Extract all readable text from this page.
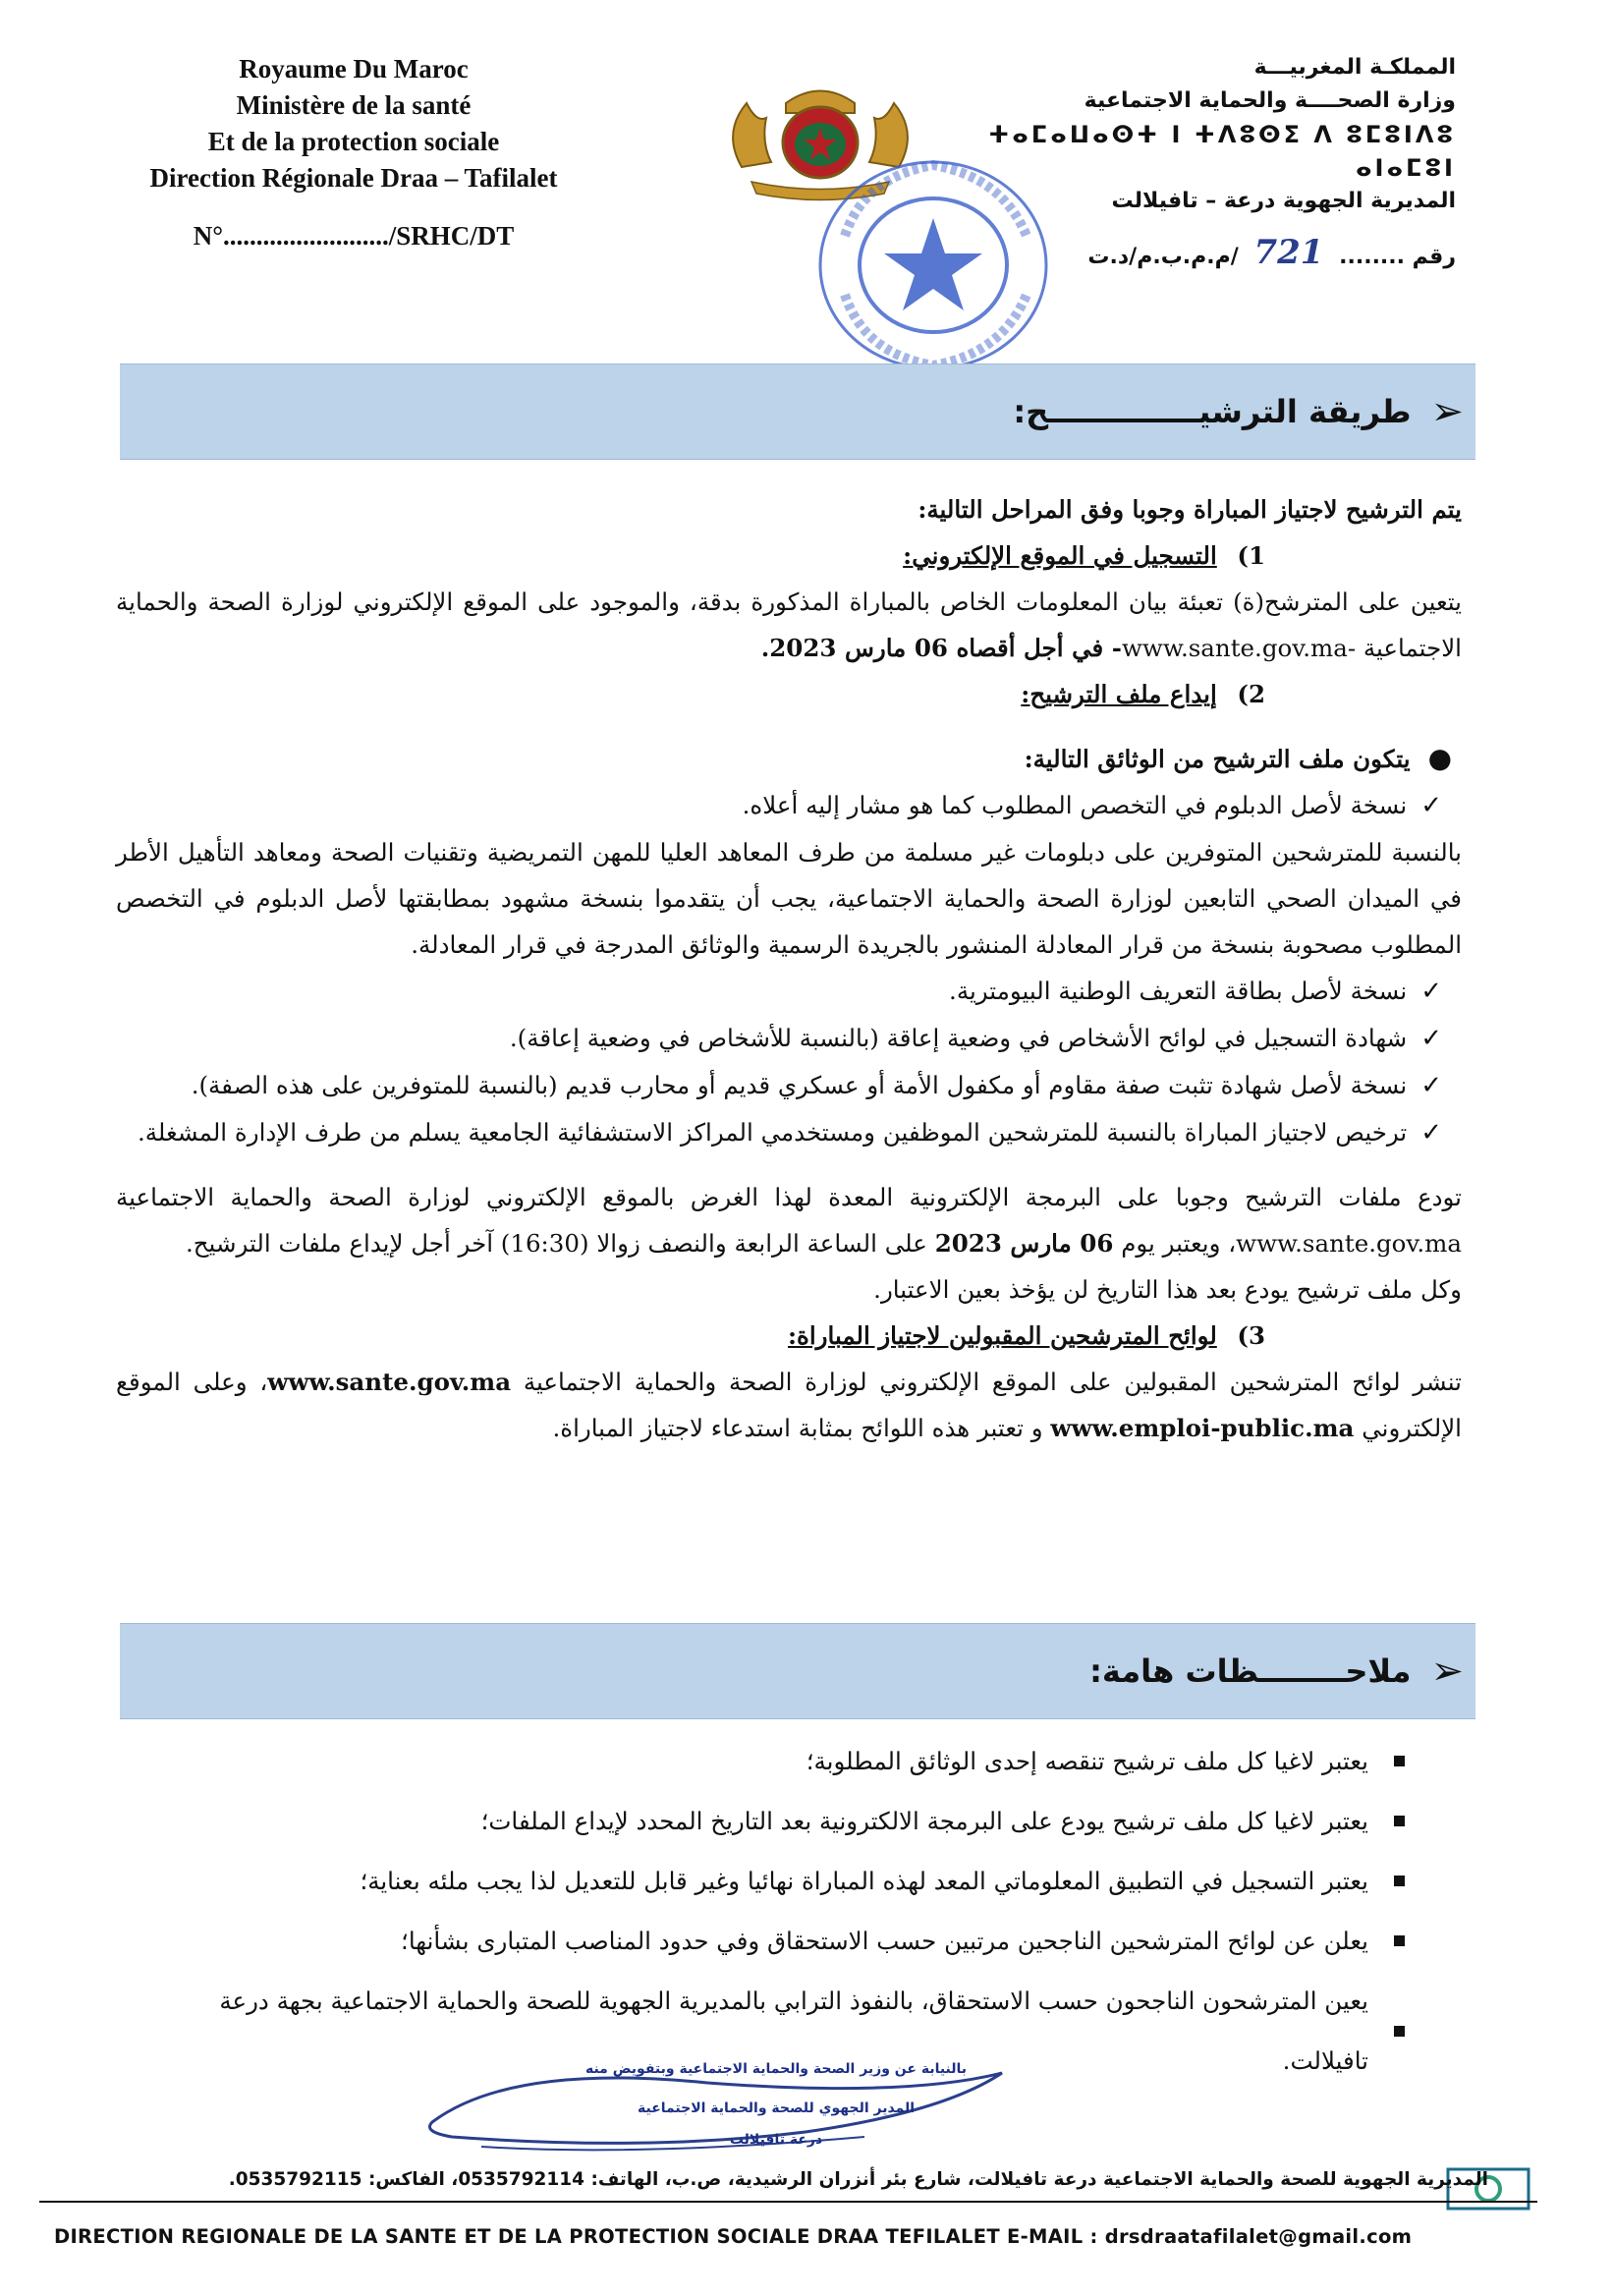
Royaume Du Maroc
Ministère de la santé
Et de la protection sociale
Direction Régionale Draa – Tafilalet
N°........................./SRHC/DT
المملكـة المغربيـــة
وزارة الصحــــة والحماية الاجتماعية
ⵜⴰⵎⴰⵡⴰⵙⵜ ⵏ ⵜⴷⵓⵙⵉ ⴷ ⵓⵎⵓⵏⴷⵓ ⴰⵏⴰⵎⵓⵏ
المديرية الجهوية درعة – تافيلالت
رقم ........ 721 /م.م.ب.م/د.ت
➢
طريقة الترشيــــــــــــــح:

يتم الترشيح لاجتياز المباراة وجوبا وفق المراحل التالية:

1) التسجيل في الموقع الإلكتروني:

يتعين على المترشح(ة) تعبئة بيان المعلومات الخاص بالمباراة المذكورة بدقة، والموجود على الموقع الإلكتروني لوزارة الصحة والحماية الاجتماعية -www.sante.gov.ma- في أجل أقصاه 06 مارس 2023.

2) إيداع ملف الترشيح:

●يتكون ملف الترشيح من الوثائق التالية:

✓نسخة لأصل الدبلوم في التخصص المطلوب كما هو مشار إليه أعلاه.

بالنسبة للمترشحين المتوفرين على دبلومات غير مسلمة من طرف المعاهد العليا للمهن التمريضية وتقنيات الصحة ومعاهد التأهيل الأطر في الميدان الصحي التابعين لوزارة الصحة والحماية الاجتماعية، يجب أن يتقدموا بنسخة مشهود بمطابقتها لأصل الدبلوم في التخصص المطلوب مصحوبة بنسخة من قرار المعادلة المنشور بالجريدة الرسمية والوثائق المدرجة في قرار المعادلة.

✓نسخة لأصل بطاقة التعريف الوطنية البيومترية.

✓شهادة التسجيل في لوائح الأشخاص في وضعية إعاقة (بالنسبة للأشخاص في وضعية إعاقة).

✓نسخة لأصل شهادة تثبت صفة مقاوم أو مكفول الأمة أو عسكري قديم أو محارب قديم (بالنسبة للمتوفرين على هذه الصفة).

✓ترخيص لاجتياز المباراة بالنسبة للمترشحين الموظفين ومستخدمي المراكز الاستشفائية الجامعية يسلم من طرف الإدارة المشغلة.

تودع ملفات الترشيح وجوبا على البرمجة الإلكترونية المعدة لهذا الغرض بالموقع الإلكتروني لوزارة الصحة والحماية الاجتماعية www.sante.gov.ma، ويعتبر يوم 06 مارس 2023 على الساعة الرابعة والنصف زوالا (16:30) آخر أجل لإيداع ملفات الترشيح.

وكل ملف ترشيح يودع بعد هذا التاريخ لن يؤخذ بعين الاعتبار.

3) لوائح المترشحين المقبولين لاجتياز المباراة:

تنشر لوائح المترشحين المقبولين على الموقع الإلكتروني لوزارة الصحة والحماية الاجتماعية www.sante.gov.ma، وعلى الموقع الإلكتروني www.emploi-public.ma و تعتبر هذه اللوائح بمثابة استدعاء لاجتياز المباراة.

➢
ملاحــــــــظات هامة:
يعتبر لاغيا كل ملف ترشيح تنقصه إحدى الوثائق المطلوبة؛
يعتبر لاغيا كل ملف ترشيح يودع على البرمجة الالكترونية بعد التاريخ المحدد لإيداع الملفات؛
يعتبر التسجيل في التطبيق المعلوماتي المعد لهذه المباراة نهائيا وغير قابل للتعديل لذا يجب ملئه بعناية؛
يعلن عن لوائح المترشحين الناجحين مرتبين حسب الاستحقاق وفي حدود المناصب المتبارى بشأنها؛
يعين المترشحون الناجحون حسب الاستحقاق، بالنفوذ الترابي بالمديرية الجهوية للصحة والحماية الاجتماعية بجهة درعة تافيلالت.
بالنيابة عن وزير الصحة والحماية الاجتماعية وبتفويض منه
المدير الجهوي للصحة والحماية الاجتماعية
درعة تافيلالت
المديرية الجهوية للصحة والحماية الاجتماعية درعة تافيلالت، شارع بئر أنزران الرشيدية، ص.ب، الهاتف: 0535792114، الفاكس: 0535792115.
DIRECTION REGIONALE DE LA SANTE ET DE LA PROTECTION SOCIALE DRAA TEFILALET E-MAIL : drsdraatafilalet@gmail.com
